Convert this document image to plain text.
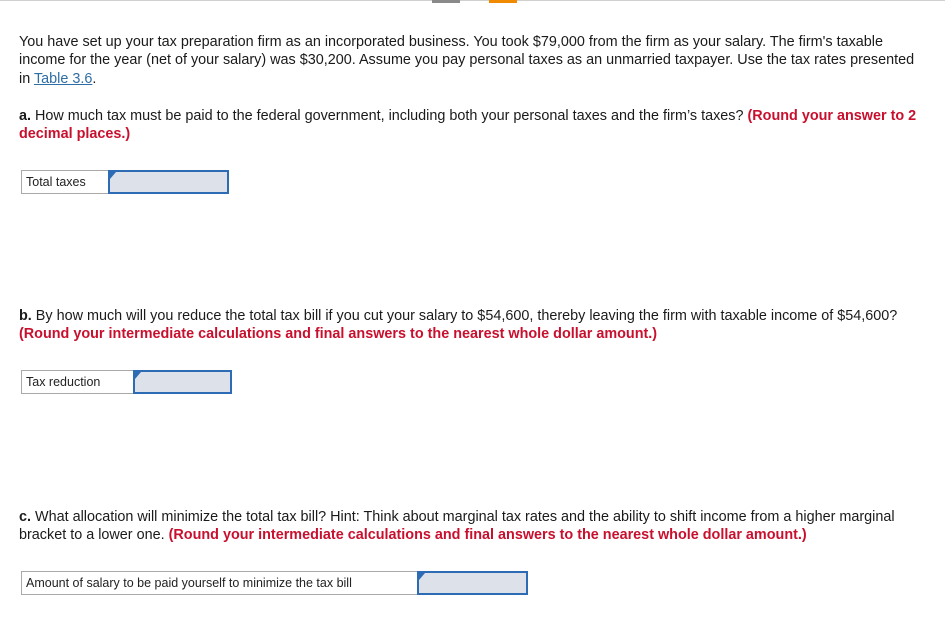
You have set up your tax preparation firm as an incorporated business. You took $79,000 from the firm as your salary. The firm's taxable income for the year (net of your salary) was $30,200. Assume you pay personal taxes as an unmarried taxpayer. Use the tax rates presented in Table 3.6.
a. How much tax must be paid to the federal government, including both your personal taxes and the firm’s taxes? (Round your answer to 2 decimal places.)
Total taxes
b. By how much will you reduce the total tax bill if you cut your salary to $54,600, thereby leaving the firm with taxable income of $54,600? (Round your intermediate calculations and final answers to the nearest whole dollar amount.)
Tax reduction
c. What allocation will minimize the total tax bill? Hint: Think about marginal tax rates and the ability to shift income from a higher marginal bracket to a lower one. (Round your intermediate calculations and final answers to the nearest whole dollar amount.)
Amount of salary to be paid yourself to minimize the tax bill
